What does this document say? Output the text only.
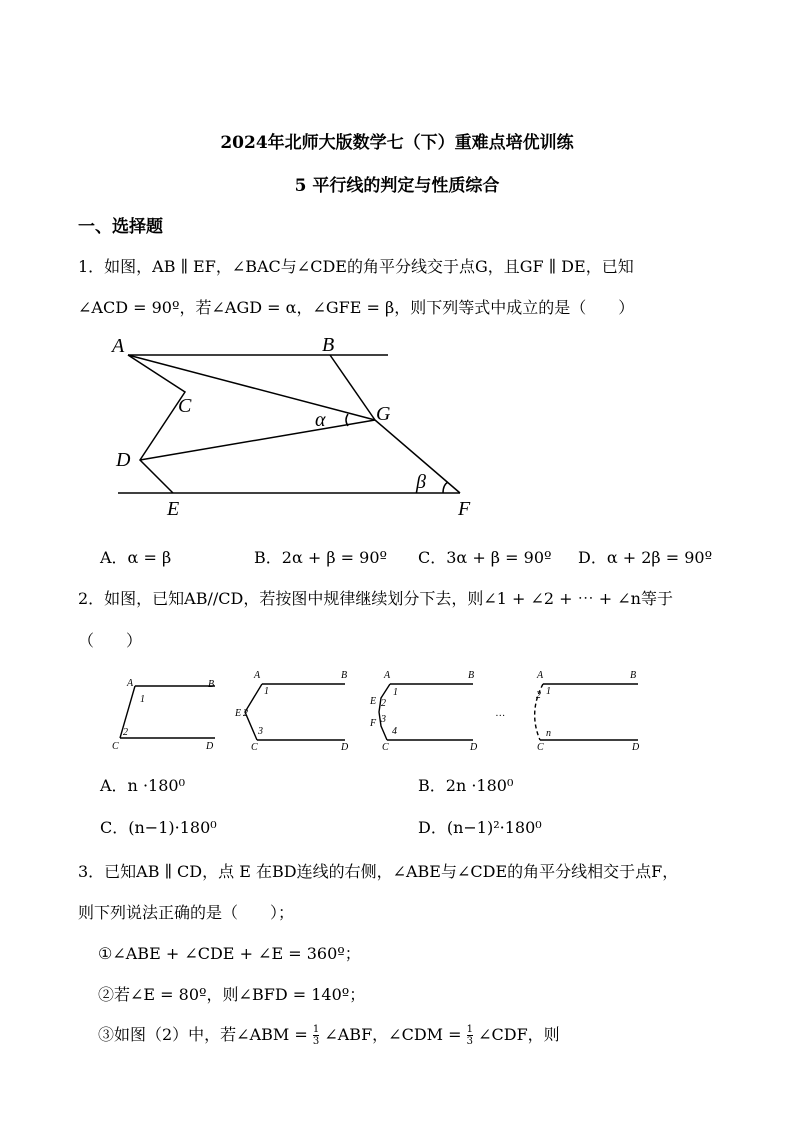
2024年北师大版数学七（下）重难点培优训练
5 平行线的判定与性质综合
一、选择题
1．如图，AB ∥ EF，∠BAC与∠CDE的角平分线交于点G，且GF ∥ DE，已知
∠ACD = 90º，若∠AGD = α，∠GFE = β，则下列等式中成立的是（　　）
A	B
C
D
E	F
G
α
β
A．α = β	B．2α + β = 90º C．3α + β = 90º D．α + 2β = 90º
2．如图，已知AB//CD，若按图中规律继续划分下去，则∠1 + ∠2 + ⋯ + ∠n等于
（　　）
A	B
C	D
1
2
A	B
C	D
E
1
2
3
A	B
C	D
E
F
1
2
3
4
…
A	B
C	D
1
2
n
A．n ·180⁰	B．2n ·180⁰
C．(n−1)·180⁰	D．(n−1)²·180⁰
3．已知AB ∥ CD，点 E 在BD连线的右侧，∠ABE与∠CDE的角平分线相交于点F，
则下列说法正确的是（　　）；
①∠ABE + ∠CDE + ∠E = 360º；
②若∠E = 80º，则∠BFD = 140º；
③如图（2）中，若∠ABM = $\frac{1}{3}$ ∠ABF，∠CDM = $\frac{1}{3}$ ∠CDF，则
